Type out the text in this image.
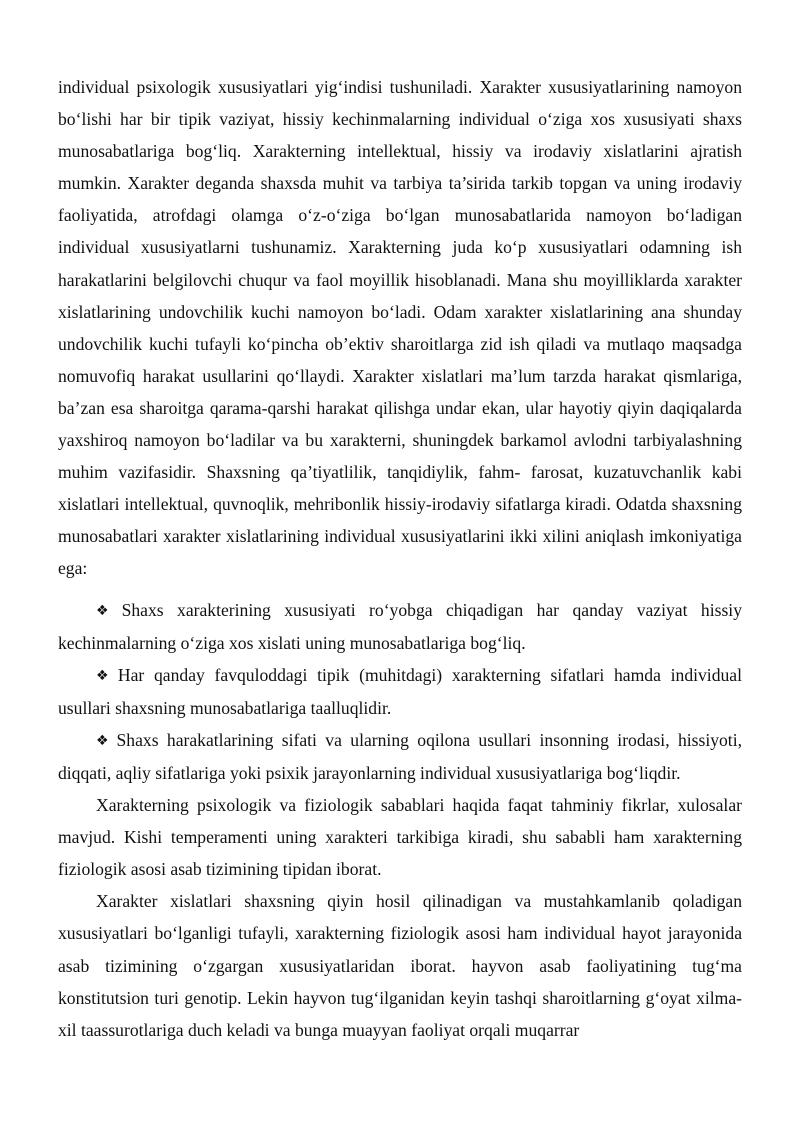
individual psixologik xususiyatlari yig‘indisi tushuniladi. Xarakter xususiyatlarining namoyon bo‘lishi har bir tipik vaziyat, hissiy kechinmalarning individual o‘ziga xos xususiyati shaxs munosabatlariga bog‘liq. Xarakterning intellektual, hissiy va irodaviy xislatlarini ajratish mumkin. Xarakter deganda shaxsda muhit va tarbiya ta’sirida tarkib topgan va uning irodaviy faoliyatida, atrofdagi olamga o‘z-o‘ziga bo‘lgan munosabatlarida namoyon bo‘ladigan individual xususiyatlarni tushunamiz. Xarakterning juda ko‘p xususiyatlari odamning ish harakatlarini belgilovchi chuqur va faol moyillik hisoblanadi. Mana shu moyilliklarda xarakter xislatlarining undovchilik kuchi namoyon bo‘ladi. Odam xarakter xislatlarining ana shunday undovchilik kuchi tufayli ko‘pincha ob’ektiv sharoitlarga zid ish qiladi va mutlaqo maqsadga nomuvofiq harakat usullarini qo‘llaydi. Xarakter xislatlari ma’lum tarzda harakat qismlariga, ba’zan esa sharoitga qarama-qarshi harakat qilishga undar ekan, ular hayotiy qiyin daqiqalarda yaxshiroq namoyon bo‘ladilar va bu xarakterni, shuningdek barkamol avlodni tarbiyalashning muhim vazifasidir. Shaxsning qa’tiyatlilik, tanqidiylik, fahm- farosat, kuzatuvchanlik kabi xislatlari intellektual, quvnoqlik, mehribonlik hissiy-irodaviy sifatlarga kiradi. Odatda shaxsning munosabatlari xarakter xislatlarining individual xususiyatlarini ikki xilini aniqlash imkoniyatiga ega:

❖ Shaxs xarakterining xususiyati ro‘yobga chiqadigan har qanday vaziyat hissiy kechinmalarning o‘ziga xos xislati uning munosabatlariga bog‘liq.

❖ Har qanday favquloddagi tipik (muhitdagi) xarakterning sifatlari hamda individual usullari shaxsning munosabatlariga taalluqlidir.

❖ Shaxs harakatlarining sifati va ularning oqilona usullari insonning irodasi, hissiyoti, diqqati, aqliy sifatlariga yoki psixik jarayonlarning individual xususiyatlariga bog‘liqdir.

Xarakterning psixologik va fiziologik sabablari haqida faqat tahminiy fikrlar, xulosalar mavjud. Kishi temperamenti uning xarakteri tarkibiga kiradi, shu sababli ham xarakterning fiziologik asosi asab tizimining tipidan iborat.

Xarakter xislatlari shaxsning qiyin hosil qilinadigan va mustahkamlanib qoladigan xususiyatlari bo‘lganligi tufayli, xarakterning fiziologik asosi ham individual hayot jarayonida asab tizimining o‘zgargan xususiyatlaridan iborat. hayvon asab faoliyatining tug‘ma konstitutsion turi genotip. Lekin hayvon tug‘ilganidan keyin tashqi sharoitlarning g‘oyat xilma-xil taassurotlariga duch keladi va bunga muayyan faoliyat orqali muqarrar
